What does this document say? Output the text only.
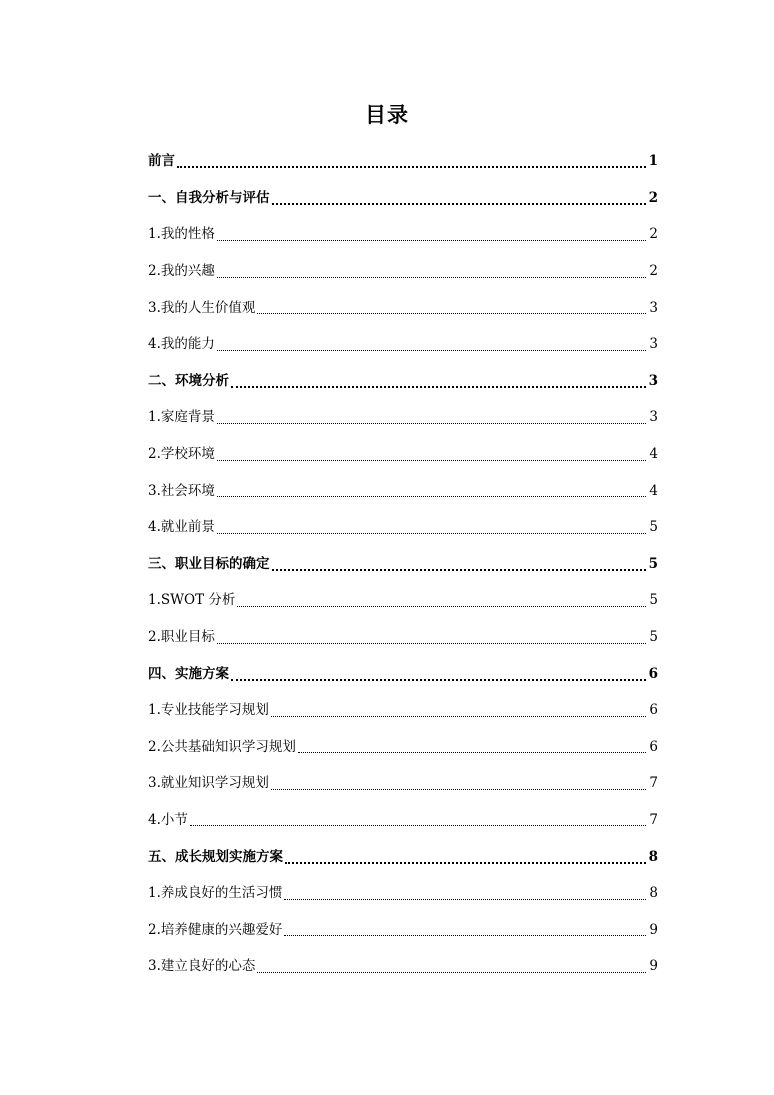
目录
前言	1
一、自我分析与评估	2
1.我的性格	2
2.我的兴趣	2
3.我的人生价值观	3
4.我的能力	3
二、环境分析	3
1.家庭背景	3
2.学校环境	4
3.社会环境	4
4.就业前景	5
三、职业目标的确定	5
1.SWOT 分析	5
2.职业目标	5
四、实施方案	6
1.专业技能学习规划	6
2.公共基础知识学习规划	6
3.就业知识学习规划	7
4.小节	7
五、成长规划实施方案	8
1.养成良好的生活习惯	8
2.培养健康的兴趣爱好	9
3.建立良好的心态	9
